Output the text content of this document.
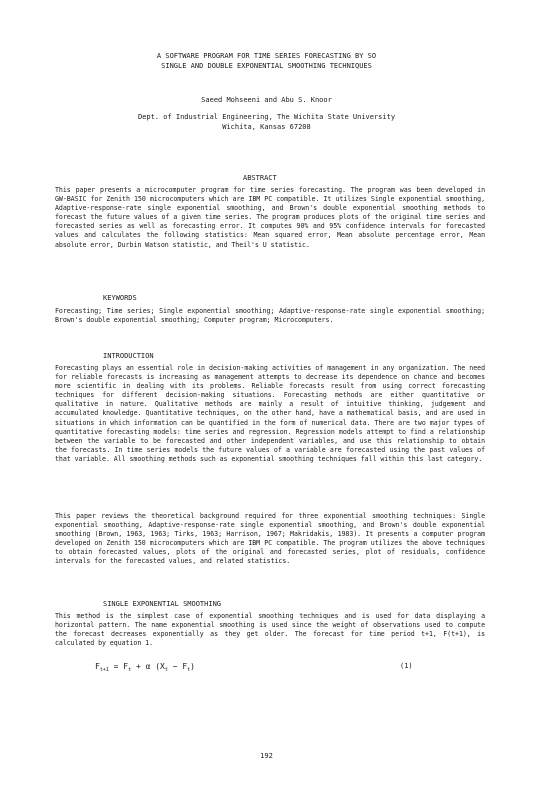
A SOFTWARE PROGRAM FOR TIME SERIES FORECASTING BY SO
SINGLE AND DOUBLE EXPONENTIAL SMOOTHING TECHNIQUES
Saeed Mohseeni and Abu S. Knoor
Dept. of Industrial Engineering, The Wichita State University
Wichita, Kansas 67208
ABSTRACT
This paper presents a microcomputer program for time series forecasting. The program was been developed in GW-BASIC for Zenith 150 microcomputers which are IBM PC compatible. It utilizes Single exponential smoothing, Adaptive-response-rate single exponential smoothing, and Brown's double exponential smoothing methods to forecast the future values of a given time series. The program produces plots of the original time series and forecasted series as well as forecasting error. It computes 90% and 95% confidence intervals for forecasted values and calculates the following statistics: Mean squared error, Mean absolute percentage error, Mean absolute error, Durbin Watson statistic, and Theil's U statistic.
KEYWORDS
Forecasting; Time series; Single exponential smoothing; Adaptive-response-rate single exponential smoothing; Brown's double exponential smoothing; Computer program; Microcomputers.
INTRODUCTION
Forecasting plays an essential role in decision-making activities of management in any organization. The need for reliable forecasts is increasing as management attempts to decrease its dependence on chance and becomes more scientific in dealing with its problems. Reliable forecasts result from using correct forecasting techniques for different decision-making situations. Forecasting methods are either quantitative or qualitative in nature. Qualitative methods are mainly a result of intuitive thinking, judgement and accumulated knowledge. Quantitative techniques, on the other hand, have a mathematical basis, and are used in situations in which information can be quantified in the form of numerical data. There are two major types of quantitative forecasting models: time series and regression. Regression models attempt to find a relationship between the variable to be forecasted and other independent variables, and use this relationship to obtain the forecasts. In time series models the future values of a variable are forecasted using the past values of that variable. All smoothing methods such as exponential smoothing techniques fall within this last category.
This paper reviews the theoretical background required for three exponential smoothing techniques: Single exponential smoothing, Adaptive-response-rate single exponential smoothing, and Brown's double exponential smoothing (Brown, 1963, 1963; Tirks, 1963; Harrison, 1967; Makridakis, 1983). It presents a computer program developed on Zenith 150 microcomputers which are IBM PC compatible. The program utilizes the above techniques to obtain forecasted values, plots of the original and forecasted series, plot of residuals, confidence intervals for the forecasted values, and related statistics.
SINGLE EXPONENTIAL SMOOTHING
This method is the simplest case of exponential smoothing techniques and is used for data displaying a horizontal pattern. The name exponential smoothing is used since the weight of observations used to compute the forecast decreases exponentially as they get older. The forecast for time period t+1, F(t+1), is calculated by equation 1.
$F_{t+1} = F_t + \alpha$ $(X_t - F_t)$	(1)
192
